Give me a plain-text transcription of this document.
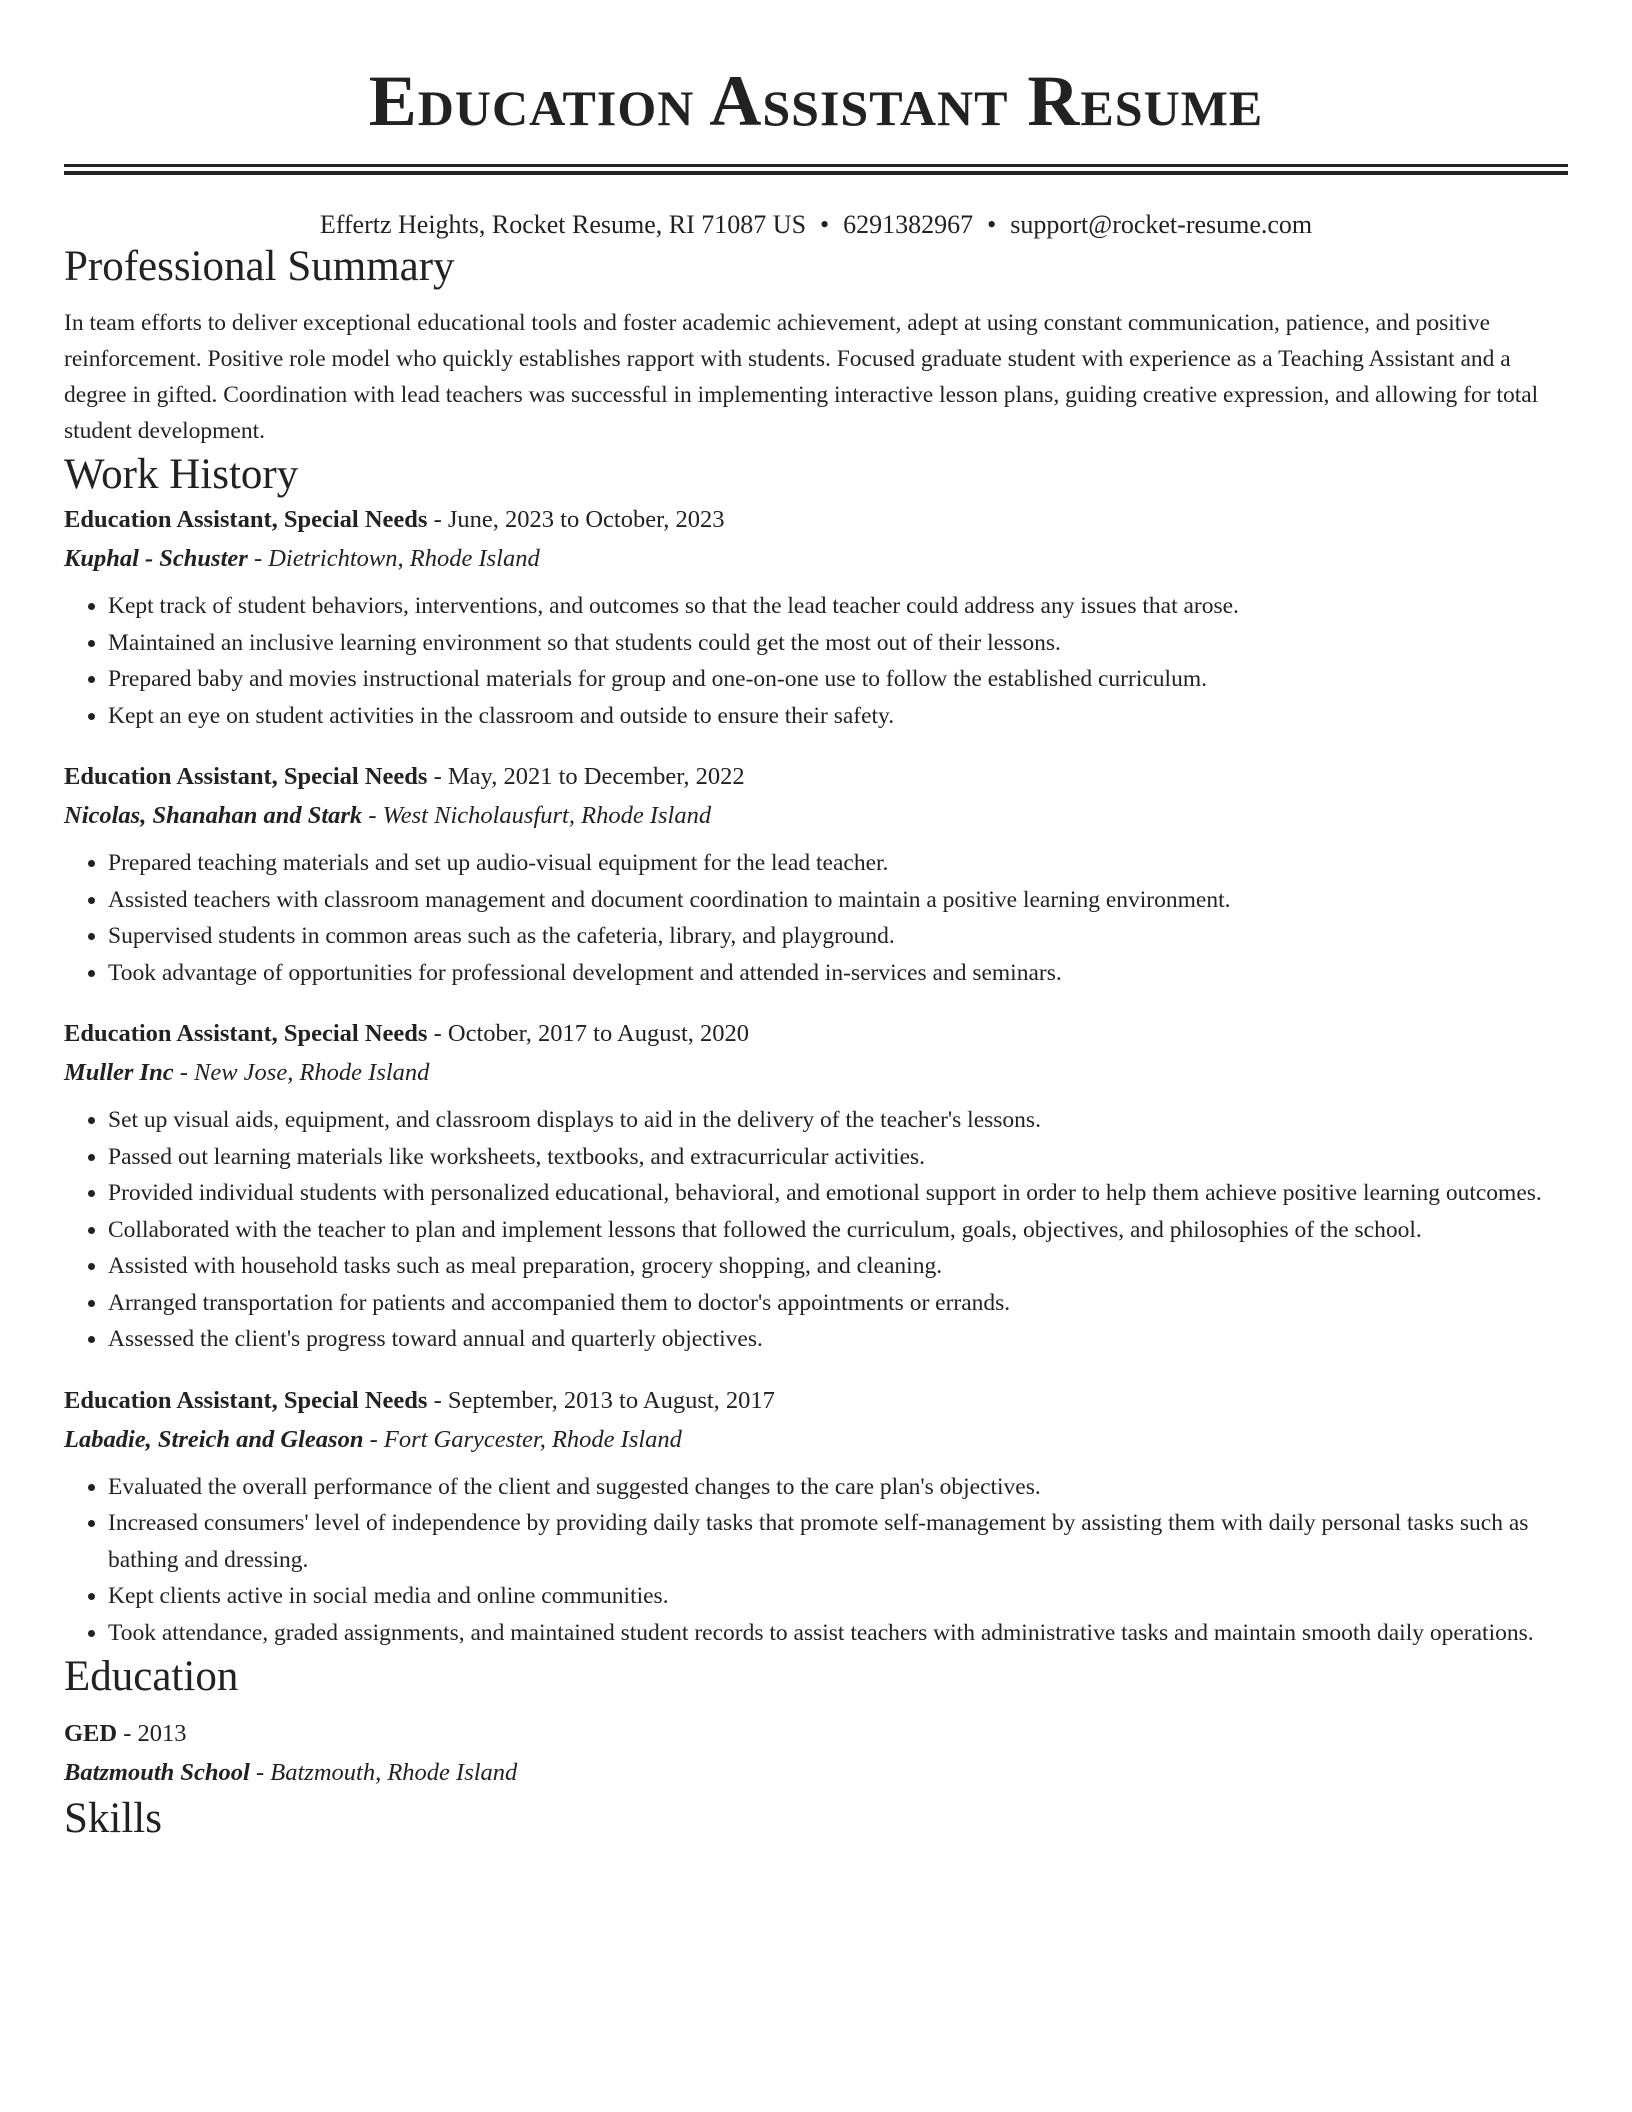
Education Assistant Resume
Effertz Heights, Rocket Resume, RI 71087 US • 6291382967 • support@rocket-resume.com
Professional Summary

In team efforts to deliver exceptional educational tools and foster academic achievement, adept at using constant communication, patience, and positive reinforcement. Positive role model who quickly establishes rapport with students. Focused graduate student with experience as a Teaching Assistant and a degree in gifted. Coordination with lead teachers was successful in implementing interactive lesson plans, guiding creative expression, and allowing for total student development.

Work History
Education Assistant, Special Needs - June, 2023 to October, 2023
Kuphal - Schuster - Dietrichtown, Rhode Island
• Kept track of student behaviors, interventions, and outcomes so that the lead teacher could address any issues that arose.
• Maintained an inclusive learning environment so that students could get the most out of their lessons.
• Prepared baby and movies instructional materials for group and one-on-one use to follow the established curriculum.
• Kept an eye on student activities in the classroom and outside to ensure their safety.
Education Assistant, Special Needs - May, 2021 to December, 2022
Nicolas, Shanahan and Stark - West Nicholausfurt, Rhode Island
• Prepared teaching materials and set up audio-visual equipment for the lead teacher.
• Assisted teachers with classroom management and document coordination to maintain a positive learning environment.
• Supervised students in common areas such as the cafeteria, library, and playground.
• Took advantage of opportunities for professional development and attended in-services and seminars.
Education Assistant, Special Needs - October, 2017 to August, 2020
Muller Inc - New Jose, Rhode Island
• Set up visual aids, equipment, and classroom displays to aid in the delivery of the teacher's lessons.
• Passed out learning materials like worksheets, textbooks, and extracurricular activities.
• Provided individual students with personalized educational, behavioral, and emotional support in order to help them achieve positive learning outcomes.
• Collaborated with the teacher to plan and implement lessons that followed the curriculum, goals, objectives, and philosophies of the school.
• Assisted with household tasks such as meal preparation, grocery shopping, and cleaning.
• Arranged transportation for patients and accompanied them to doctor's appointments or errands.
• Assessed the client's progress toward annual and quarterly objectives.
Education Assistant, Special Needs - September, 2013 to August, 2017
Labadie, Streich and Gleason - Fort Garycester, Rhode Island
• Evaluated the overall performance of the client and suggested changes to the care plan's objectives.
• Increased consumers' level of independence by providing daily tasks that promote self-management by assisting them with daily personal tasks such as bathing and dressing.
• Kept clients active in social media and online communities.
• Took attendance, graded assignments, and maintained student records to assist teachers with administrative tasks and maintain smooth daily operations.
Education
GED - 2013
Batzmouth School - Batzmouth, Rhode Island
Skills
